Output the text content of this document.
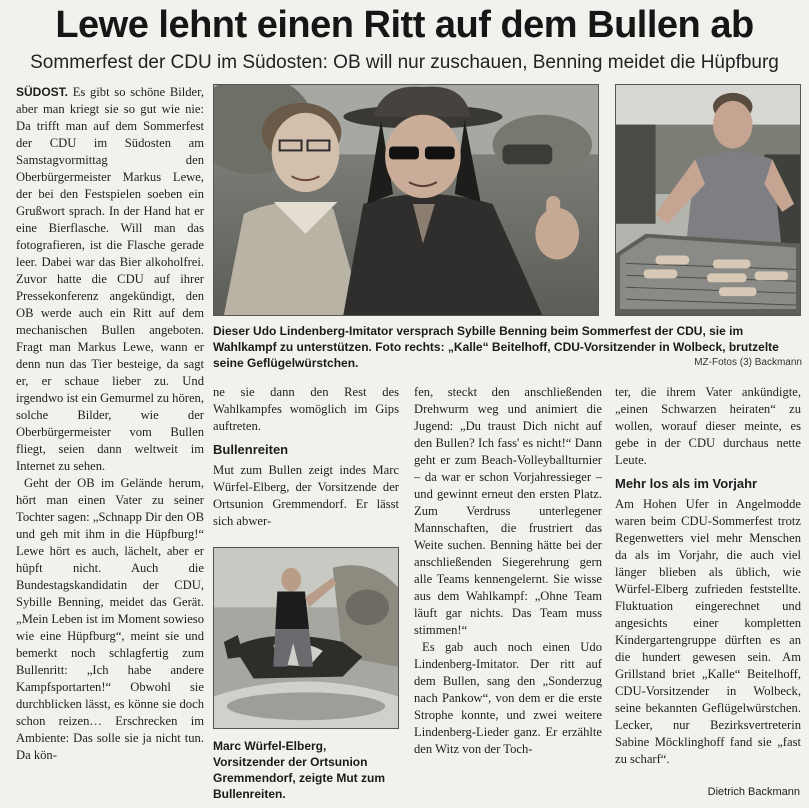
Lewe lehnt einen Ritt auf dem Bullen ab
Sommerfest der CDU im Südosten: OB will nur zuschauen, Benning meidet die Hüpfburg

SÜDOST. Es gibt so schöne Bilder, aber man kriegt sie so gut wie nie: Da trifft man auf dem Sommerfest der CDU im Südosten am Samstagvormittag den Oberbürgermeister Markus Lewe, der bei den Festspielen soeben ein Grußwort sprach. In der Hand hat er eine Bierflasche. Will man das fotografieren, ist die Flasche gerade leer. Dabei war das Bier alkoholfrei. Zuvor hatte die CDU auf ihrer Pressekonferenz angekündigt, den OB werde auch ein Ritt auf dem mechanischen Bullen angeboten. Fragt man Markus Lewe, wann er denn nun das Tier besteige, da sagt er, er schaue lieber zu. Und irgendwo ist ein Gemurmel zu hören, solche Bilder, wie der Oberbürgermeister vom Bullen fliegt, seien dann weltweit im Internet zu sehen.

Geht der OB im Gelände herum, hört man einen Vater zu seiner Tochter sagen: „Schnapp Dir den OB und geh mit ihm in die Hüpfburg!“ Lewe hört es auch, lächelt, aber er hüpft nicht. Auch die Bundestagskandidatin der CDU, Sybille Benning, meidet das Gerät. „Mein Leben ist im Moment sowieso wie eine Hüpfburg“, meint sie und bemerkt noch schlagfertig zum Bullenritt: „Ich habe andere Kampfsportarten!“ Obwohl sie durchblicken lässt, es könne sie doch schon reizen… Erschrecken im Ambiente: Das solle sie ja nicht tun. Da kön-

Dieser Udo Lindenberg-Imitator versprach Sybille Benning beim Sommerfest der CDU, sie im Wahlkampf zu unterstützen. Foto rechts: „Kalle“ Beitelhoff, CDU-Vorsitzender in Wolbeck, brutzelte seine Geflügelwürstchen.	MZ-Fotos (3) Backmann

ne sie dann den Rest des Wahlkampfes womöglich im Gips auftreten.

Bullenreiten

Mut zum Bullen zeigt indes Marc Würfel-Elberg, der Vorsitzende der Ortsunion Gremmendorf. Er lässt sich abwer-

Marc Würfel-Elberg, Vorsitzender der Ortsunion Gremmendorf, zeigte Mut zum Bullenreiten.

fen, steckt den anschließenden Drehwurm weg und animiert die Jugend: „Du traust Dich nicht auf den Bullen? Ich fass' es nicht!“ Dann geht er zum Beach-Volleyballturnier – da war er schon Vorjahressieger – und gewinnt erneut den ersten Platz. Zum Verdruss unterlegener Mannschaften, die frustriert das Weite suchen. Benning hätte bei der anschließenden Siegerehrung gern alle Teams kennengelernt. Sie wisse aus dem Wahlkampf: „Ohne Team läuft gar nichts. Das Team muss stimmen!“

Es gab auch noch einen Udo Lindenberg-Imitator. Der ritt auf dem Bullen, sang den „Sonderzug nach Pankow“, von dem er die erste Strophe konnte, und zwei weitere Lindenberg-Lieder ganz. Er erzählte den Witz von der Toch-

ter, die ihrem Vater ankündigte, „einen Schwarzen heiraten“ zu wollen, worauf dieser meinte, es gebe in der CDU durchaus nette Leute.

Mehr los als im Vorjahr

Am Hohen Ufer in Angelmodde waren beim CDU-Sommerfest trotz Regenwetters viel mehr Menschen da als im Vorjahr, die auch viel länger blieben als üblich, wie Würfel-Elberg zufrieden feststellte. Fluktuation eingerechnet und angesichts einer kompletten Kindergartengruppe dürften es an die hundert gewesen sein. Am Grillstand briet „Kalle“ Beitelhoff, CDU-Vorsitzender in Wolbeck, seine bekannten Geflügelwürstchen. Lecker, nur Bezirksvertreterin Sabine Möcklinghoff fand sie „fast zu scharf“.

Dietrich Backmann
